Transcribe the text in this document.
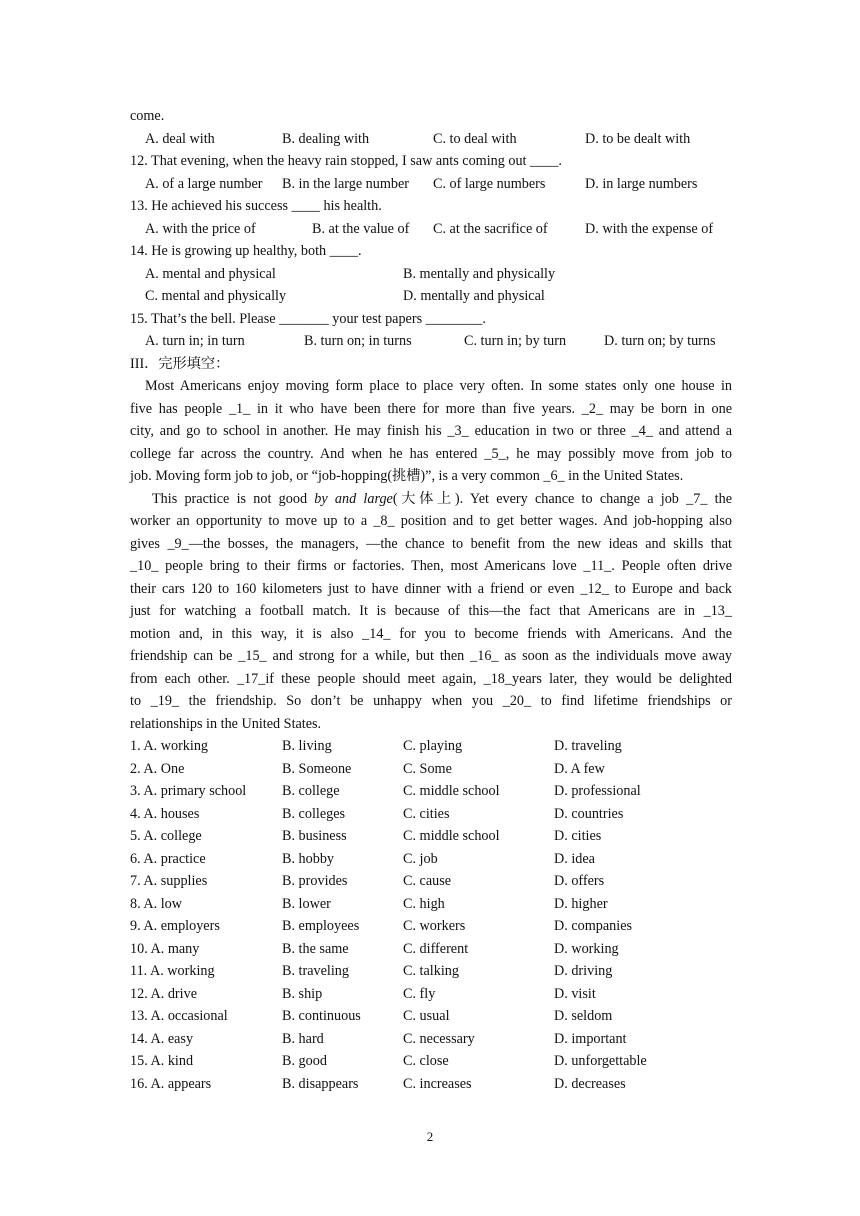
come.
A. deal with	B. dealing with	C. to deal with	D. to be dealt with
12. That evening, when the heavy rain stopped, I saw ants coming out ____.
A. of a large number B. in the large number C. of large numbers	D. in large numbers
13. He achieved his success ____ his health.
A. with the price of	B. at the value of C. at the sacrifice of	D. with the expense of
14. He is growing up healthy, both ____.
A. mental and physical	B. mentally and physically
C. mental and physically	D. mentally and physical
15. That’s the bell. Please _______ your test papers ________.
A. turn in; in turn	B. turn on; in turns	C. turn in; by turn	D. turn on; by turns
III．完形填空：
Most Americans enjoy moving form place to place very often. In some states only one house in
five has people _1_ in it who have been there for more than five years. _2_ may be born in one
city, and go to school in another. He may finish his _3_ education in two or three _4_ and attend a
college far across the country. And when he has entered _5_, he may possibly move from job to
job. Moving form job to job, or “job-hopping(挑槽)”, is a very common _6_ in the United States.
This practice is not good by and large(大体上). Yet every chance to change a job _7_ the
worker an opportunity to move up to a _8_ position and to get better wages. And job-hopping also
gives _9_—the bosses, the managers, —the chance to benefit from the new ideas and skills that
_10_ people bring to their firms or factories. Then, most Americans love _11_. People often drive
their cars 120 to 160 kilometers just to have dinner with a friend or even _12_ to Europe and back
just for watching a football match. It is because of this—the fact that Americans are in _13_
motion and, in this way, it is also _14_ for you to become friends with Americans. And the
friendship can be _15_ and strong for a while, but then _16_ as soon as the individuals move away
from each other. _17_if these people should meet again, _18_years later, they would be delighted
to _19_ the friendship. So don’t be unhappy when you _20_ to find lifetime friendships or
relationships in the United States.
1. A. working	B. living	C. playing	D. traveling
2. A. One	B. Someone	C. Some	D. A few
3. A. primary school	B. college	C. middle school	D. professional
4. A. houses	B. colleges	C. cities	D. countries
5. A. college	B. business	C. middle school	D. cities
6. A. practice	B. hobby	C. job	D. idea
7. A. supplies	B. provides	C. cause	D. offers
8. A. low	B. lower	C. high	D. higher
9. A. employers	B. employees	C. workers	D. companies
10. A. many	B. the same	C. different	D. working
11. A. working	B. traveling	C. talking	D. driving
12. A. drive	B. ship	C. fly	D. visit
13. A. occasional	B. continuous	C. usual	D. seldom
14. A. easy	B. hard	C. necessary	D. important
15. A. kind	B. good	C. close	D. unforgettable
16. A. appears	B. disappears	C. increases	D. decreases
2
